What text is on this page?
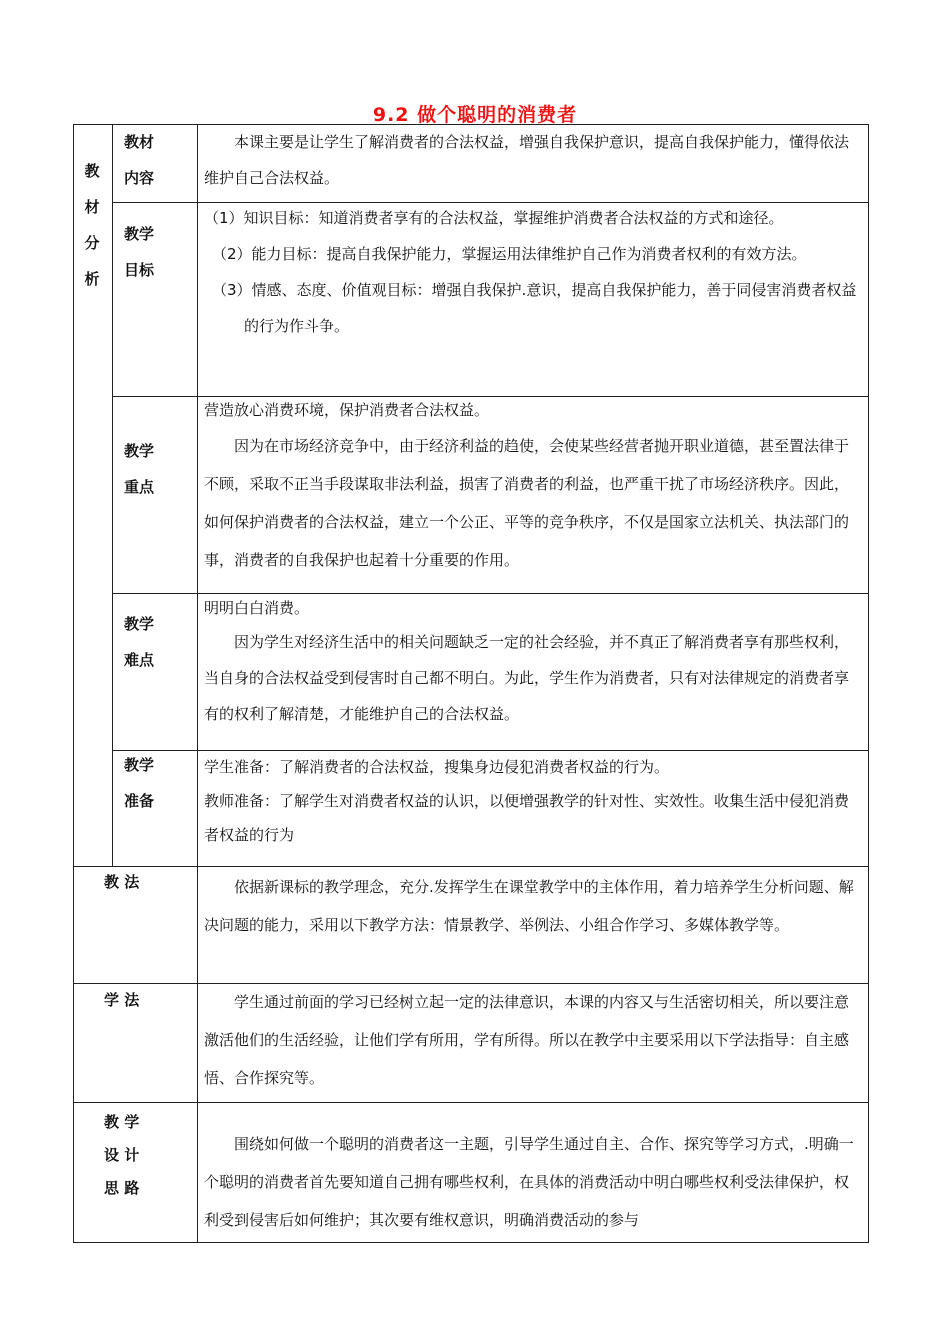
9.2 做个聪明的消费者
教
材
分
析
教材
内容

本课主要是让学生了解消费者的合法权益，增强自我保护意识，提高自我保护能力，懂得依法维护自己合法权益。

教学
目标

（1）知识目标：知道消费者享有的合法权益，掌握维护消费者合法权益的方式和途径。

（2）能力目标：提高自我保护能力，掌握运用法律维护自己作为消费者权利的有效方法。

（3）情感、态度、价值观目标：增强自我保护.意识，提高自我保护能力，善于同侵害消费者权益的行为作斗争。

教学
重点

营造放心消费环境，保护消费者合法权益。

因为在市场经济竞争中，由于经济利益的趋使，会使某些经营者抛开职业道德，甚至置法律于不顾，采取不正当手段谋取非法利益，损害了消费者的利益，也严重干扰了市场经济秩序。因此，如何保护消费者的合法权益，建立一个公正、平等的竞争秩序，不仅是国家立法机关、执法部门的事，消费者的自我保护也起着十分重要的作用。

教学
难点

明明白白消费。

因为学生对经济生活中的相关问题缺乏一定的社会经验，并不真正了解消费者享有那些权利，当自身的合法权益受到侵害时自己都不明白。为此，学生作为消费者，只有对法律规定的消费者享有的权利了解清楚，才能维护自己的合法权益。

教学
准备

学生准备：了解消费者的合法权益，搜集身边侵犯消费者权益的行为。

教师准备：了解学生对消费者权益的认识，以便增强教学的针对性、实效性。收集生活中侵犯消费者权益的行为

教 法	依据新课标的教学理念，充分.发挥学生在课堂教学中的主体作用，着力培养学生分析问题、解决问题的能力，采用以下教学方法：情景教学、举例法、小组合作学习、多媒体教学等。

学 法	学生通过前面的学习已经树立起一定的法律意识，本课的内容又与生活密切相关，所以要注意激活他们的生活经验，让他们学有所用，学有所得。所以在教学中主要采用以下学法指导：自主感悟、合作探究等。

教 学
设 计
思 路

围绕如何做一个聪明的消费者这一主题，引导学生通过自主、合作、探究等学习方式，.明确一个聪明的消费者首先要知道自己拥有哪些权利，在具体的消费活动中明白哪些权利受法律保护，权利受到侵害后如何维护；其次要有维权意识，明确消费活动的参与
